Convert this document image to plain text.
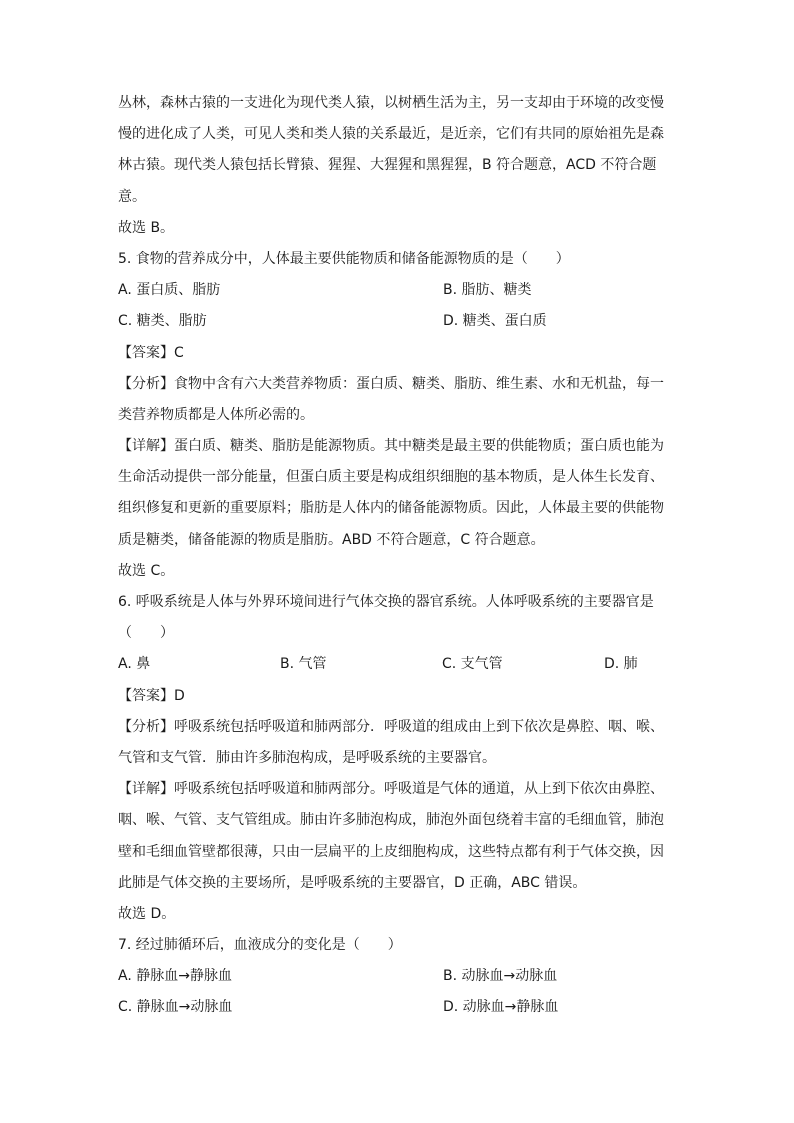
丛林，森林古猿的一支进化为现代类人猿，以树栖生活为主，另一支却由于环境的改变慢
慢的进化成了人类，可见人类和类人猿的关系最近，是近亲，它们有共同的原始祖先是森
林古猿。现代类人猿包括长臂猿、猩猩、大猩猩和黑猩猩，B 符合题意，ACD 不符合题
意。
故选 B。
5. 食物的营养成分中，人体最主要供能物质和储备能源物质的是（　　）
A. 蛋白质、脂肪	B. 脂肪、糖类
C. 糖类、脂肪	D. 糖类、蛋白质
【答案】C
【分析】食物中含有六大类营养物质：蛋白质、糖类、脂肪、维生素、水和无机盐，每一
类营养物质都是人体所必需的。
【详解】蛋白质、糖类、脂肪是能源物质。其中糖类是最主要的供能物质；蛋白质也能为
生命活动提供一部分能量，但蛋白质主要是构成组织细胞的基本物质，是人体生长发育、
组织修复和更新的重要原料；脂肪是人体内的储备能源物质。因此，人体最主要的供能物
质是糖类，储备能源的物质是脂肪。ABD 不符合题意，C 符合题意。
故选 C。
6. 呼吸系统是人体与外界环境间进行气体交换的器官系统。人体呼吸系统的主要器官是
（　　）
A. 鼻	B. 气管	C. 支气管	D. 肺
【答案】D
【分析】呼吸系统包括呼吸道和肺两部分．呼吸道的组成由上到下依次是鼻腔、咽、喉、
气管和支气管．肺由许多肺泡构成，是呼吸系统的主要器官。
【详解】呼吸系统包括呼吸道和肺两部分。呼吸道是气体的通道，从上到下依次由鼻腔、
咽、喉、气管、支气管组成。肺由许多肺泡构成，肺泡外面包绕着丰富的毛细血管，肺泡
壁和毛细血管壁都很薄，只由一层扁平的上皮细胞构成，这些特点都有利于气体交换，因
此肺是气体交换的主要场所，是呼吸系统的主要器官，D 正确，ABC 错误。
故选 D。
7. 经过肺循环后，血液成分的变化是（　　）
A. 静脉血→静脉血	B. 动脉血→动脉血
C. 静脉血→动脉血	D. 动脉血→静脉血
